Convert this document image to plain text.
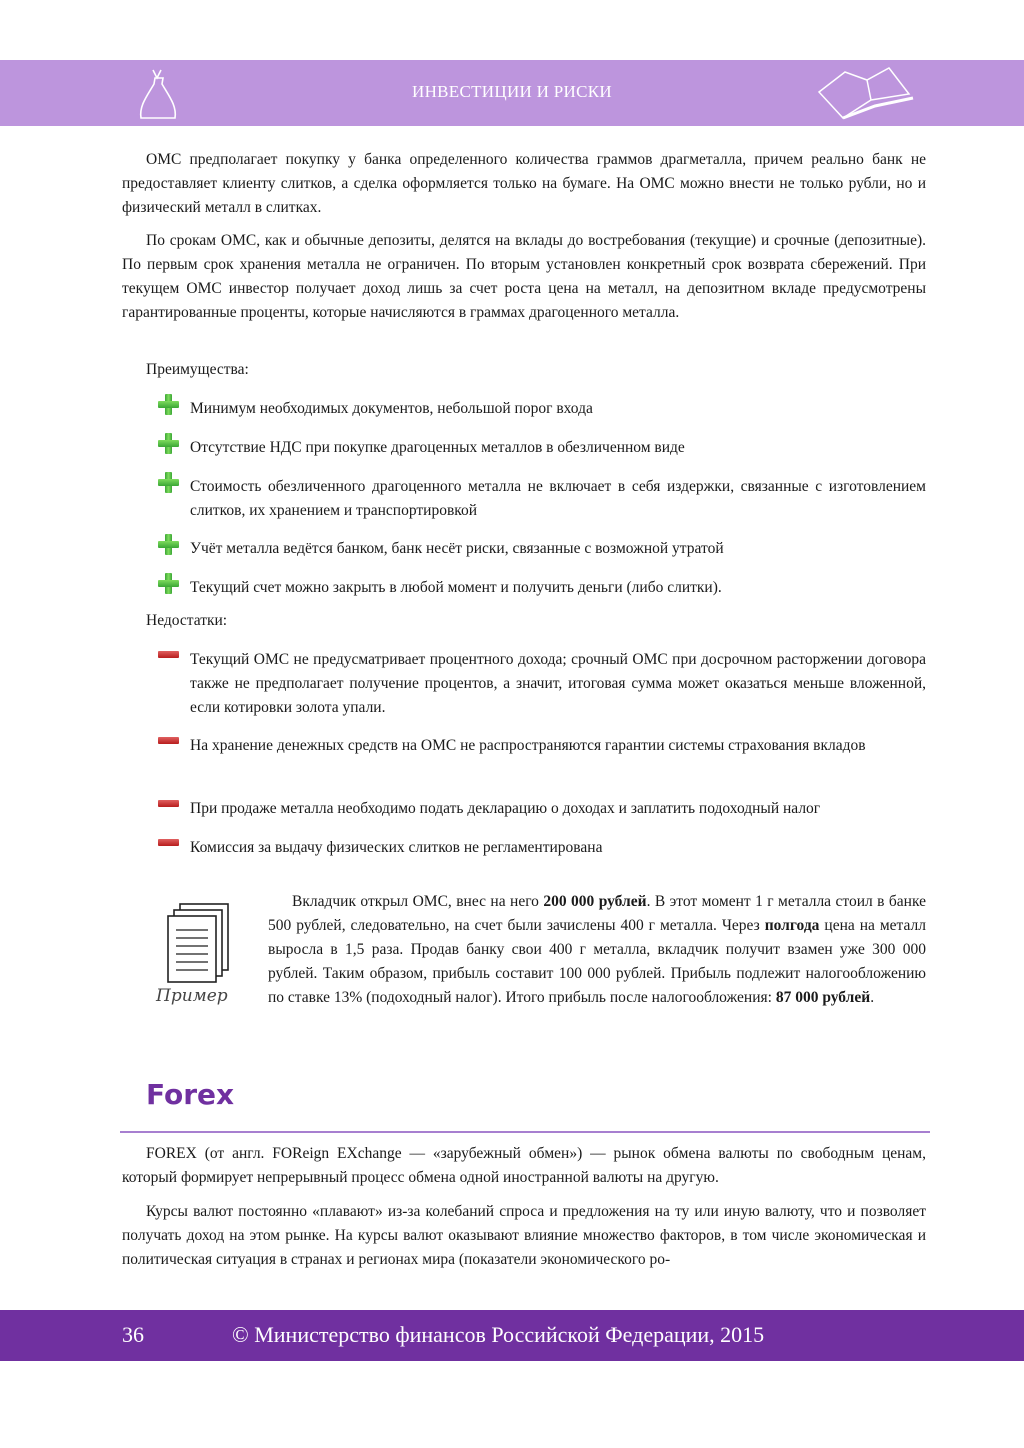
ИНВЕСТИЦИИ И РИСКИ

ОМС предполагает покупку у банка определенного количества граммов драгметалла, причем реально банк не предоставляет клиенту слитков, а сделка оформляется только на бумаге. На ОМС можно внести не только рубли, но и физический металл в слитках.

По срокам ОМС, как и обычные депозиты, делятся на вклады до востребования (текущие) и срочные (депозитные). По первым срок хранения металла не ограничен. По вторым установлен конкретный срок возврата сбережений. При текущем ОМС инвестор получает доход лишь за счет роста цена на металл, на депозитном вкладе предусмотрены гарантированные проценты, которые начисляются в граммах драгоценного металла.

Преимущества:
Минимум необходимых документов, небольшой порог входа
Отсутствие НДС при покупке драгоценных металлов в обезличенном виде
Стоимость обезличенного драгоценного металла не включает в себя издержки, связанные с изготовлением слитков, их хранением и транспортировкой
Учёт металла ведётся банком, банк несёт риски, связанные с возможной утратой
Текущий счет можно закрыть в любой момент и получить деньги (либо слитки).
Недостатки:
Текущий ОМС не предусматривает процентного дохода; срочный ОМС при досрочном расторжении договора также не предполагает получение процентов, а значит, итоговая сумма может оказаться меньше вложенной, если котировки золота упали.
На хранение денежных средств на ОМС не распространяются гарантии системы страхования вкладов
При продаже металла необходимо подать декларацию о доходах и заплатить подоходный налог
Комиссия за выдачу физических слитков не регламентирована
Пример

Вкладчик открыл ОМС, внес на него 200 000 рублей. В этот момент 1 г металла стоил в банке 500 рублей, следовательно, на счет были зачислены 400 г металла. Через полгода цена на металл выросла в 1,5 раза. Продав банку свои 400 г металла, вкладчик получит взамен уже 300 000 рублей. Таким образом, прибыль составит 100 000 рублей. Прибыль подлежит налогообложению по ставке 13% (подоходный налог). Итого прибыль после налогообложения: 87 000 рублей.

Forex

FOREX (от англ. FOReign EXchange — «зарубежный обмен») — рынок обмена валюты по свободным ценам, который формирует непрерывный процесс обмена одной иностранной валюты на другую.

Курсы валют постоянно «плавают» из-за колебаний спроса и предложения на ту или иную валюту, что и позволяет получать доход на этом рынке. На курсы валют оказывают влияние множество факторов, в том числе экономическая и политическая ситуация в странах и регионах мира (показатели экономического ро-

36	© Министерство финансов Российской Федерации, 2015
